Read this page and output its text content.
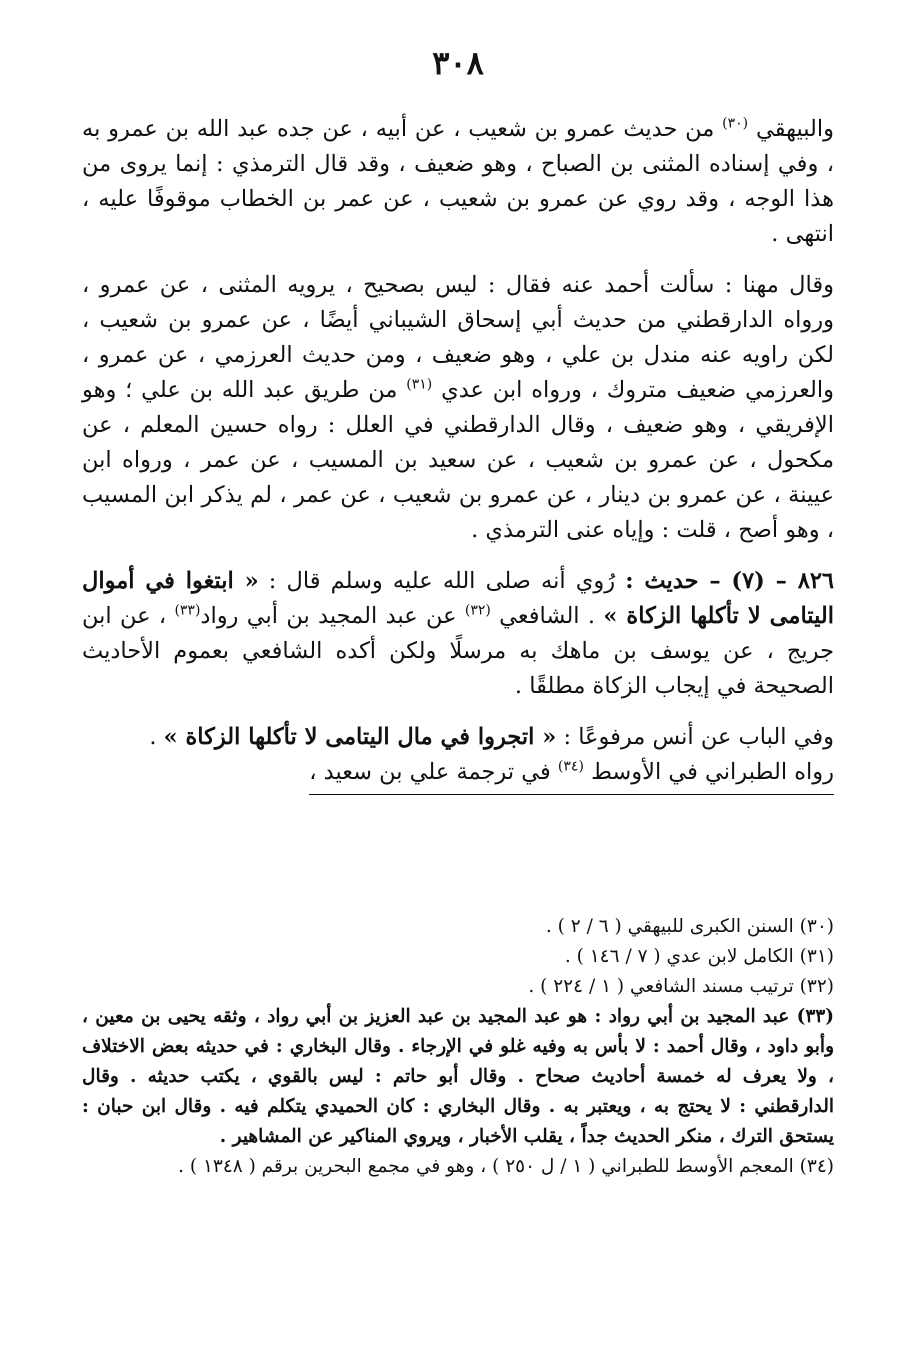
٣٠٨

والبيهقي $^{(٣٠)}$ من حديث عمرو بن شعيب ، عن أبيه ، عن جده عبد الله بن عمرو به ، وفي إسناده المثنى بن الصباح ، وهو ضعيف ، وقد قال الترمذي : إنما يروى من هذا الوجه ، وقد روي عن عمرو بن شعيب ، عن عمر بن الخطاب موقوفًا عليه ، انتهى .

وقال مهنا : سألت أحمد عنه فقال : ليس بصحيح ، يرويه المثنى ، عن عمرو ، ورواه الدارقطني من حديث أبي إسحاق الشيباني أيضًا ، عن عمرو بن شعيب ، لكن راويه عنه مندل بن علي ، وهو ضعيف ، ومن حديث العرزمي ، عن عمرو ، والعرزمي ضعيف متروك ، ورواه ابن عدي $^{(٣١)}$ من طريق عبد الله بن علي ؛ وهو الإفريقي ، وهو ضعيف ، وقال الدارقطني في العلل : رواه حسين المعلم ، عن مكحول ، عن عمرو بن شعيب ، عن سعيد بن المسيب ، عن عمر ، ورواه ابن عيينة ، عن عمرو بن دينار ، عن عمرو بن شعيب ، عن عمر ، لم يذكر ابن المسيب ، وهو أصح ، قلت : وإياه عنى الترمذي .

٨٢٦ – (٧) – حديث : رُوي أنه صلى الله عليه وسلم قال : « ابتغوا في أموال اليتامى لا تأكلها الزكاة » . الشافعي $^{(٣٢)}$ عن عبد المجيد بن أبي رواد$^{(٣٣)}$ ، عن ابن جريج ، عن يوسف بن ماهك به مرسلًا ولكن أكده الشافعي بعموم الأحاديث الصحيحة في إيجاب الزكاة مطلقًا .

وفي الباب عن أنس مرفوعًا : « اتجروا في مال اليتامى لا تأكلها الزكاة » .
رواه الطبراني في الأوسط $^{(٣٤)}$ في ترجمة علي بن سعيد ،

(٣٠) السنن الكبرى للبيهقي ( ٦ / ٢ ) .

(٣١) الكامل لابن عدي ( ٧ / ١٤٦ ) .

(٣٢) ترتيب مسند الشافعي ( ١ / ٢٢٤ ) .

(٣٣) عبد المجيد بن أبي رواد : هو عبد المجيد بن عبد العزيز بن أبي رواد ، وثقه يحيى بن معين ، وأبو داود ، وقال أحمد : لا بأس به وفيه غلو في الإرجاء . وقال البخاري : في حديثه بعض الاختلاف ، ولا يعرف له خمسة أحاديث صحاح . وقال أبو حاتم : ليس بالقوي ، يكتب حديثه . وقال الدارقطني : لا يحتج به ، ويعتبر به . وقال البخاري : كان الحميدي يتكلم فيه . وقال ابن حبان : يستحق الترك ، منكر الحديث جداً ، يقلب الأخبار ، ويروي المناكير عن المشاهير .

(٣٤) المعجم الأوسط للطبراني ( ١ / ل ٢٥٠ ) ، وهو في مجمع البحرين برقم ( ١٣٤٨ ) .
